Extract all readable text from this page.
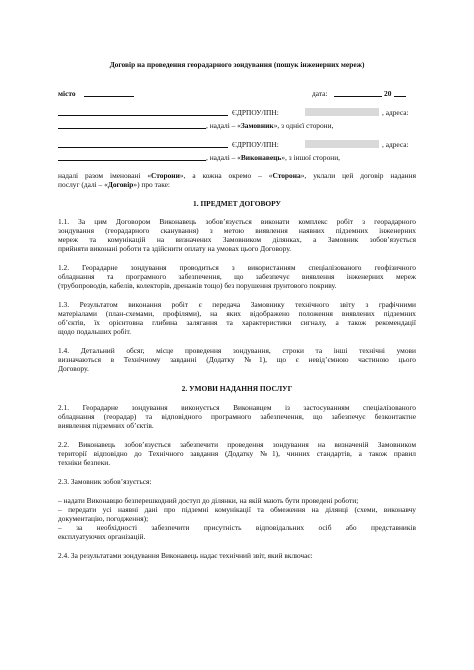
Договір на проведення георадарного зондування (пошук інженерних мереж)
місто	дата:	20
ЄДРПОУ/ІПН:	, адреса:
, надалі – «Замовник», з однієї сторони,
ЄДРПОУ/ІПН:	, адреса:
, надалі – «Виконавець», з іншої сторони,
надалі разом іменовані «Сторони», а кожна окремо – «Сторона», уклали цей договір надання
послуг (далі – «Договір») про таке:
1. ПРЕДМЕТ ДОГОВОРУ
1.1. За цим Договором Виконавець зобов’язується виконати комплекс робіт з георадарного
зондування (георадарного сканування) з метою виявлення наявних підземних інженерних
мереж та комунікацій на визначених Замовником ділянках, а Замовник зобов’язується
прийняти виконані роботи та здійснити оплату на умовах цього Договору.
1.2. Георадарне зондування проводиться з використанням спеціалізованого геофізичного
обладнання та програмного забезпечення, що забезпечує виявлення інженерних мереж
(трубопроводів, кабелів, колекторів, дренажів тощо) без порушення ґрунтового покриву.
1.3. Результатом виконання робіт є передача Замовнику технічного звіту з графічними
матеріалами (план-схемами, профілями), на яких відображено положення виявлених підземних
об’єктів, їх орієнтовна глибина залягання та характеристики сигналу, а також рекомендації
щодо подальших робіт.
1.4. Детальний обсяг, місце проведення зондування, строки та інші технічні умови
визначаються в Технічному завданні (Додатку №1), що є невід’ємною частиною цього
Договору.
2. УМОВИ НАДАННЯ ПОСЛУГ
2.1. Георадарне зондування виконується Виконавцем із застосуванням спеціалізованого
обладнання (георадар) та відповідного програмного забезпечення, що забезпечує безконтактне
виявлення підземних об’єктів.
2.2. Виконавець зобов’язується забезпечити проведення зондування на визначеній Замовником
території відповідно до Технічного завдання (Додатку №1), чинних стандартів, а також правил
техніки безпеки.
2.3. Замовник зобов’язується:
– надати Виконавцю безперешкодний доступ до ділянки, на якій мають бути проведені роботи;
– передати усі наявні дані про підземні комунікації та обмеження на ділянці (схеми, виконавчу
документацію, погодження);
– за необхідності забезпечити присутність відповідальних осіб або представників
експлуатуючих організацій.
2.4. За результатами зондування Виконавець надає технічний звіт, який включає:
